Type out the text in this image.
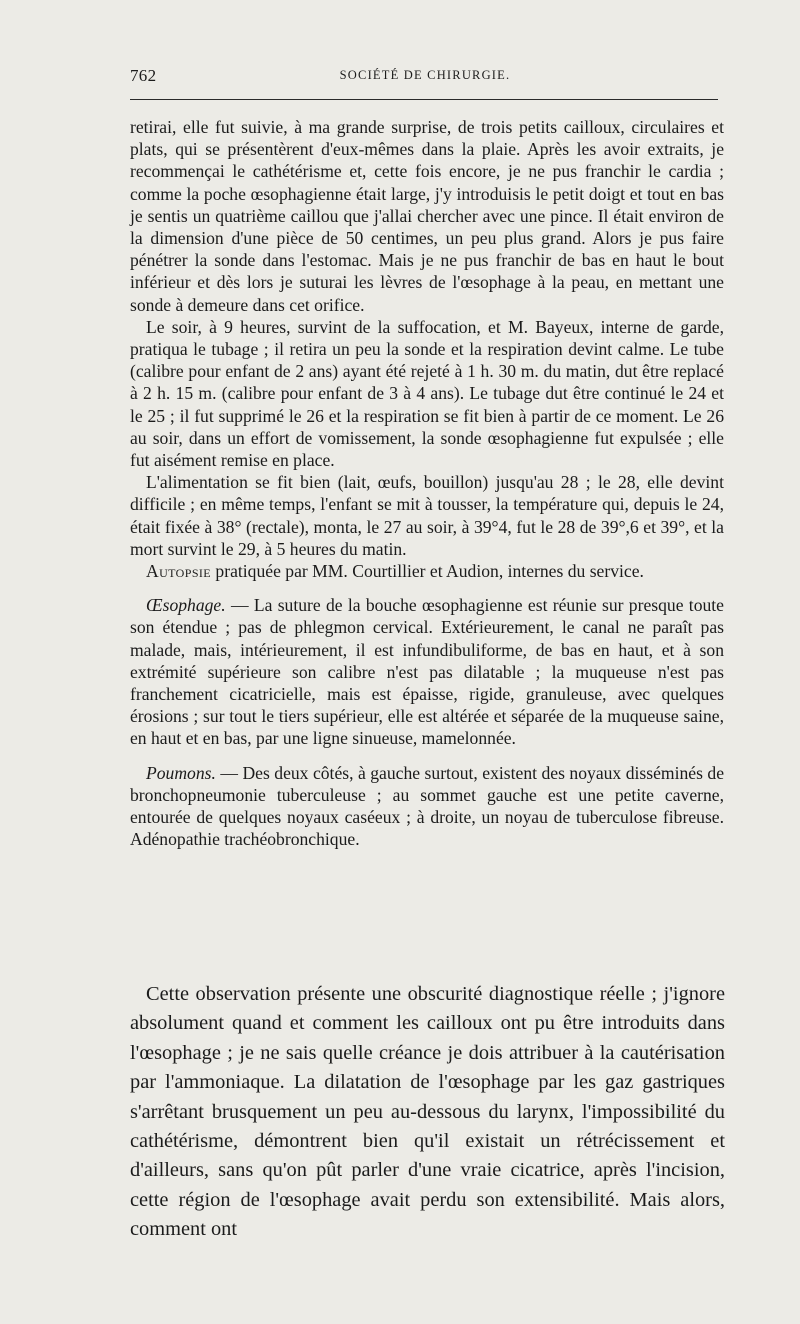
762	SOCIÉTÉ DE CHIRURGIE.

retirai, elle fut suivie, à ma grande surprise, de trois petits cailloux, circulaires et plats, qui se présentèrent d'eux-mêmes dans la plaie. Après les avoir extraits, je recommençai le cathétérisme et, cette fois encore, je ne pus franchir le cardia ; comme la poche œsophagienne était large, j'y introduisis le petit doigt et tout en bas je sentis un quatrième caillou que j'allai chercher avec une pince. Il était environ de la dimension d'une pièce de 50 centimes, un peu plus grand. Alors je pus faire pénétrer la sonde dans l'estomac. Mais je ne pus franchir de bas en haut le bout inférieur et dès lors je suturai les lèvres de l'œsophage à la peau, en mettant une sonde à demeure dans cet orifice.

Le soir, à 9 heures, survint de la suffocation, et M. Bayeux, interne de garde, pratiqua le tubage ; il retira un peu la sonde et la respiration devint calme. Le tube (calibre pour enfant de 2 ans) ayant été rejeté à 1 h. 30 m. du matin, dut être replacé à 2 h. 15 m. (calibre pour enfant de 3 à 4 ans). Le tubage dut être continué le 24 et le 25 ; il fut supprimé le 26 et la respiration se fit bien à partir de ce moment. Le 26 au soir, dans un effort de vomissement, la sonde œsophagienne fut expulsée ; elle fut aisément remise en place.

L'alimentation se fit bien (lait, œufs, bouillon) jusqu'au 28 ; le 28, elle devint difficile ; en même temps, l'enfant se mit à tousser, la température qui, depuis le 24, était fixée à 38° (rectale), monta, le 27 au soir, à 39°4, fut le 28 de 39°,6 et 39°, et la mort survint le 29, à 5 heures du matin.

Autopsie pratiquée par MM. Courtillier et Audion, internes du service.

Œsophage. — La suture de la bouche œsophagienne est réunie sur presque toute son étendue ; pas de phlegmon cervical. Extérieurement, le canal ne paraît pas malade, mais, intérieurement, il est infundibuliforme, de bas en haut, et à son extrémité supérieure son calibre n'est pas dilatable ; la muqueuse n'est pas franchement cicatricielle, mais est épaisse, rigide, granuleuse, avec quelques érosions ; sur tout le tiers supérieur, elle est altérée et séparée de la muqueuse saine, en haut et en bas, par une ligne sinueuse, mamelonnée.

Poumons. — Des deux côtés, à gauche surtout, existent des noyaux disséminés de bronchopneumonie tuberculeuse ; au sommet gauche est une petite caverne, entourée de quelques noyaux caséeux ; à droite, un noyau de tuberculose fibreuse. Adénopathie trachéobronchique.

Cette observation présente une obscurité diagnostique réelle ; j'ignore absolument quand et comment les cailloux ont pu être introduits dans l'œsophage ; je ne sais quelle créance je dois attribuer à la cautérisation par l'ammoniaque. La dilatation de l'œsophage par les gaz gastriques s'arrêtant brusquement un peu au-dessous du larynx, l'impossibilité du cathétérisme, démontrent bien qu'il existait un rétrécissement et d'ailleurs, sans qu'on pût parler d'une vraie cicatrice, après l'incision, cette région de l'œsophage avait perdu son extensibilité. Mais alors, comment ont
